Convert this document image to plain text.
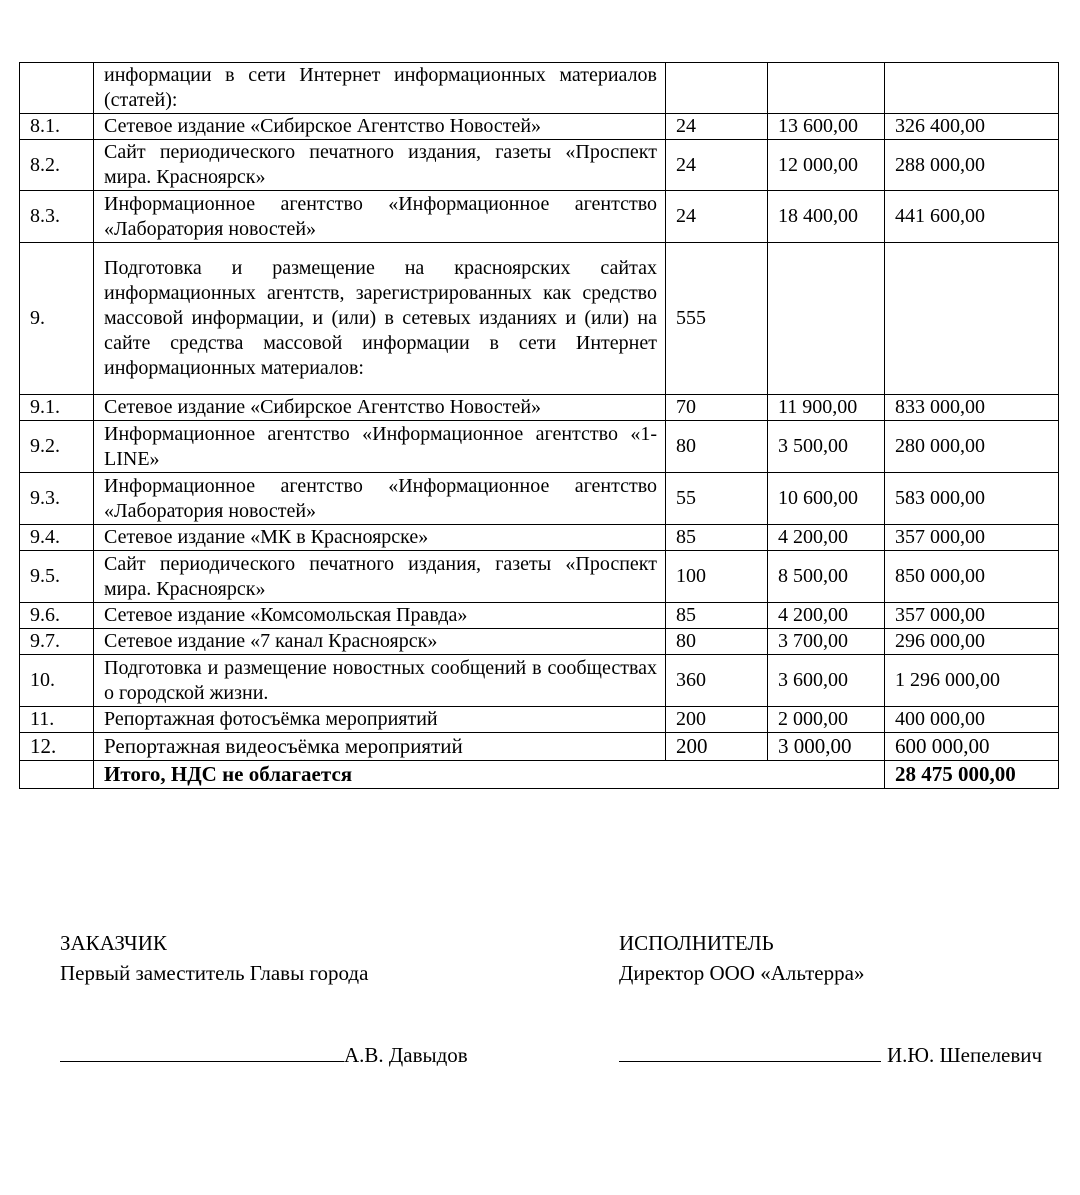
	информации в сети Интернет информационных материалов (статей):			
8.1.	Сетевое издание «Сибирское Агентство Новостей»	24	13 600,00	326 400,00
8.2.	Сайт периодического печатного издания, газеты «Проспект мира. Красноярск»	24	12 000,00	288 000,00
8.3.	Информационное агентство «Информационное агентство «Лаборатория новостей»	24	18 400,00	441 600,00
9.	Подготовка и размещение на красноярских сайтах информационных агентств, зарегистрированных как средство массовой информации, и (или) в сетевых изданиях и (или) на сайте средства массовой информации в сети Интернет информационных материалов:	555		
9.1.	Сетевое издание «Сибирское Агентство Новостей»	70	11 900,00	833 000,00
9.2.	Информационное агентство «Информационное агентство «1-LINE»	80	3 500,00	280 000,00
9.3.	Информационное агентство «Информационное агентство «Лаборатория новостей»	55	10 600,00	583 000,00
9.4.	Сетевое издание «МК в Красноярске»	85	4 200,00	357 000,00
9.5.	Сайт периодического печатного издания, газеты «Проспект мира. Красноярск»	100	8 500,00	850 000,00
9.6.	Сетевое издание «Комсомольская Правда»	85	4 200,00	357 000,00
9.7.	Сетевое издание «7 канал Красноярск»	80	3 700,00	296 000,00
10.	Подготовка и размещение новостных сообщений в сообществах о городской жизни.	360	3 600,00	1 296 000,00
11.	Репортажная фотосъёмка мероприятий	200	2 000,00	400 000,00
12.	Репортажная видеосъёмка мероприятий	200	3 000,00	600 000,00
	Итого, НДС не облагается			28 475 000,00
ЗАКАЗЧИК
Первый заместитель Главы города
ИСПОЛНИТЕЛЬ
Директор ООО «Альтерра»
А.В. Давыдов	И.Ю. Шепелевич
